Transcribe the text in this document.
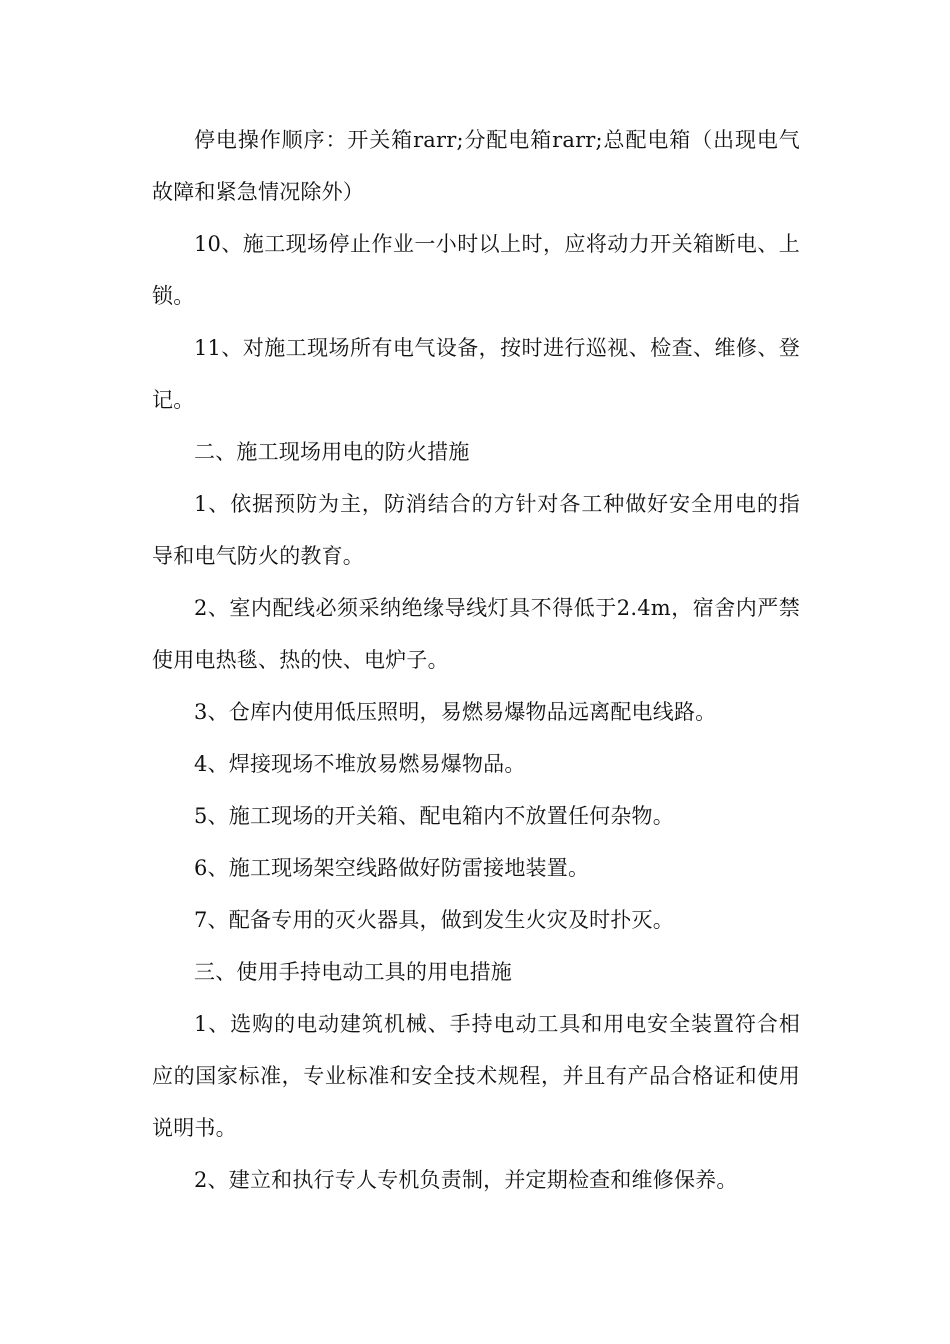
停电操作顺序：开关箱rarr;分配电箱rarr;总配电箱（出现电气故障和紧急情况除外）

10、施工现场停止作业一小时以上时，应将动力开关箱断电、上锁。

11、对施工现场所有电气设备，按时进行巡视、检查、维修、登记。

二、施工现场用电的防火措施

1、依据预防为主，防消结合的方针对各工种做好安全用电的指导和电气防火的教育。

2、室内配线必须采纳绝缘导线灯具不得低于2.4m，宿舍内严禁使用电热毯、热的快、电炉子。

3、仓库内使用低压照明，易燃易爆物品远离配电线路。

4、焊接现场不堆放易燃易爆物品。

5、施工现场的开关箱、配电箱内不放置任何杂物。

6、施工现场架空线路做好防雷接地装置。

7、配备专用的灭火器具，做到发生火灾及时扑灭。

三、使用手持电动工具的用电措施

1、选购的电动建筑机械、手持电动工具和用电安全装置符合相应的国家标准，专业标准和安全技术规程，并且有产品合格证和使用说明书。

2、建立和执行专人专机负责制，并定期检查和维修保养。
